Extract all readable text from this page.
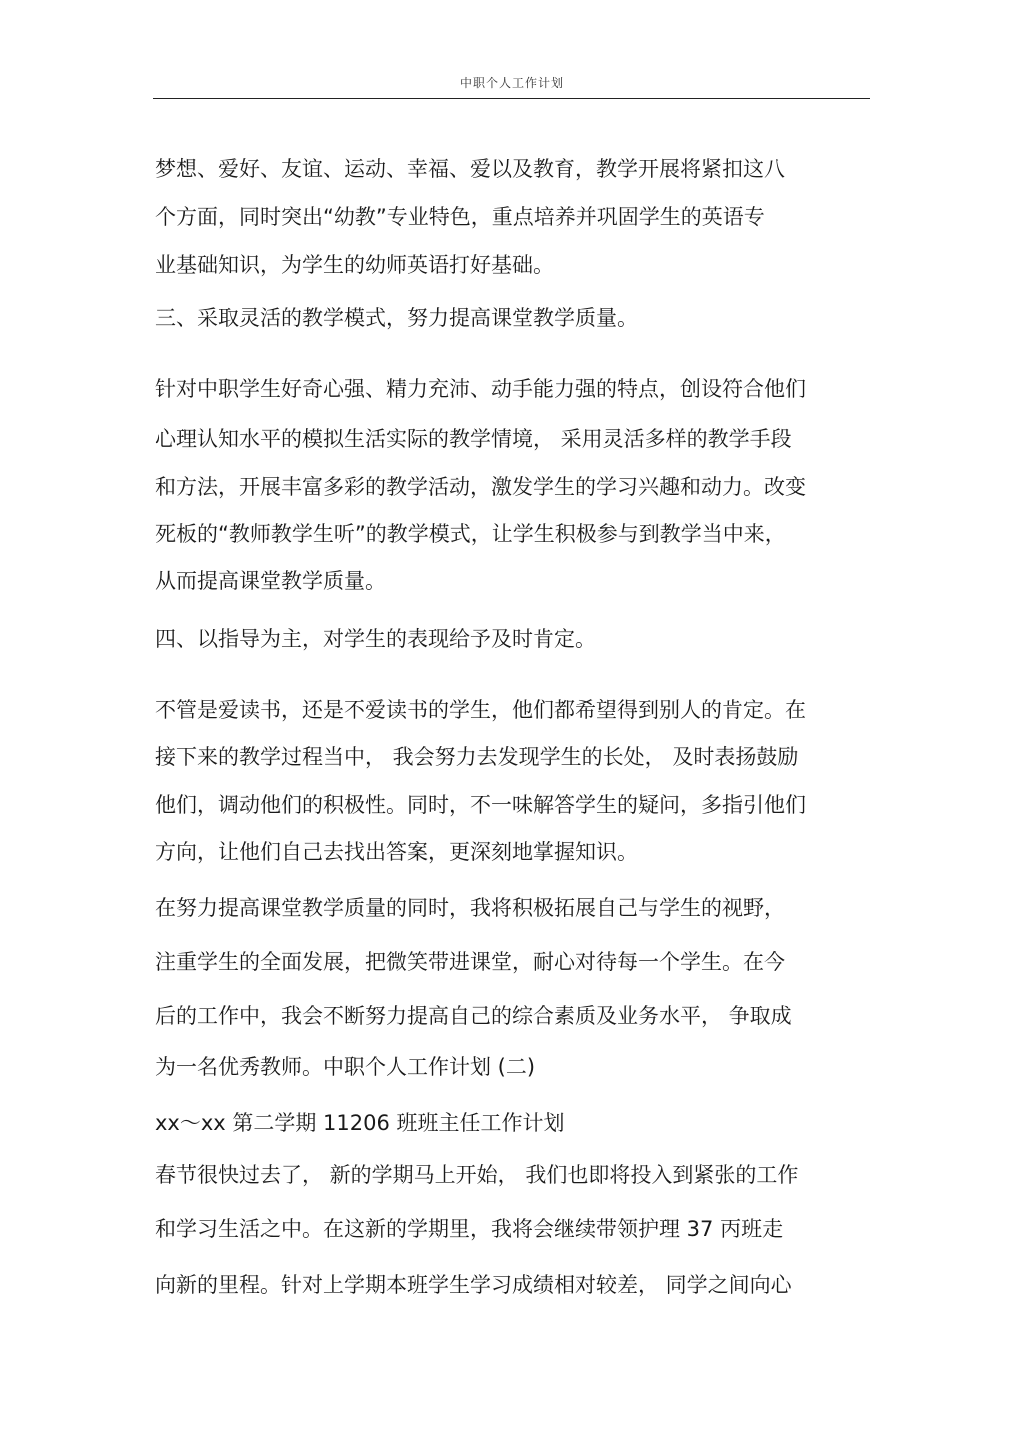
中职个人工作计划
梦想、爱好、友谊、运动、幸福、爱以及教育，教学开展将紧扣这八
个方面，同时突出“幼教”专业特色，重点培养并巩固学生的英语专
业基础知识，为学生的幼师英语打好基础。
三、采取灵活的教学模式，努力提高课堂教学质量。
针对中职学生好奇心强、精力充沛、动手能力强的特点，创设符合他们
心理认知水平的模拟生活实际的教学情境， 采用灵活多样的教学手段
和方法，开展丰富多彩的教学活动，激发学生的学习兴趣和动力。改变
死板的“教师教学生听”的教学模式，让学生积极参与到教学当中来，
从而提高课堂教学质量。
四、以指导为主，对学生的表现给予及时肯定。
不管是爱读书，还是不爱读书的学生，他们都希望得到别人的肯定。在
接下来的教学过程当中， 我会努力去发现学生的长处， 及时表扬鼓励
他们，调动他们的积极性。同时，不一味解答学生的疑问，多指引他们
方向，让他们自己去找出答案，更深刻地掌握知识。
在努力提高课堂教学质量的同时，我将积极拓展自己与学生的视野，
注重学生的全面发展，把微笑带进课堂，耐心对待每一个学生。在今
后的工作中，我会不断努力提高自己的综合素质及业务水平， 争取成
为一名优秀教师。中职个人工作计划 (二)
xx～xx 第二学期 11206 班班主任工作计划
春节很快过去了， 新的学期马上开始， 我们也即将投入到紧张的工作
和学习生活之中。在这新的学期里，我将会继续带领护理 37 丙班走
向新的里程。针对上学期本班学生学习成绩相对较差， 同学之间向心
